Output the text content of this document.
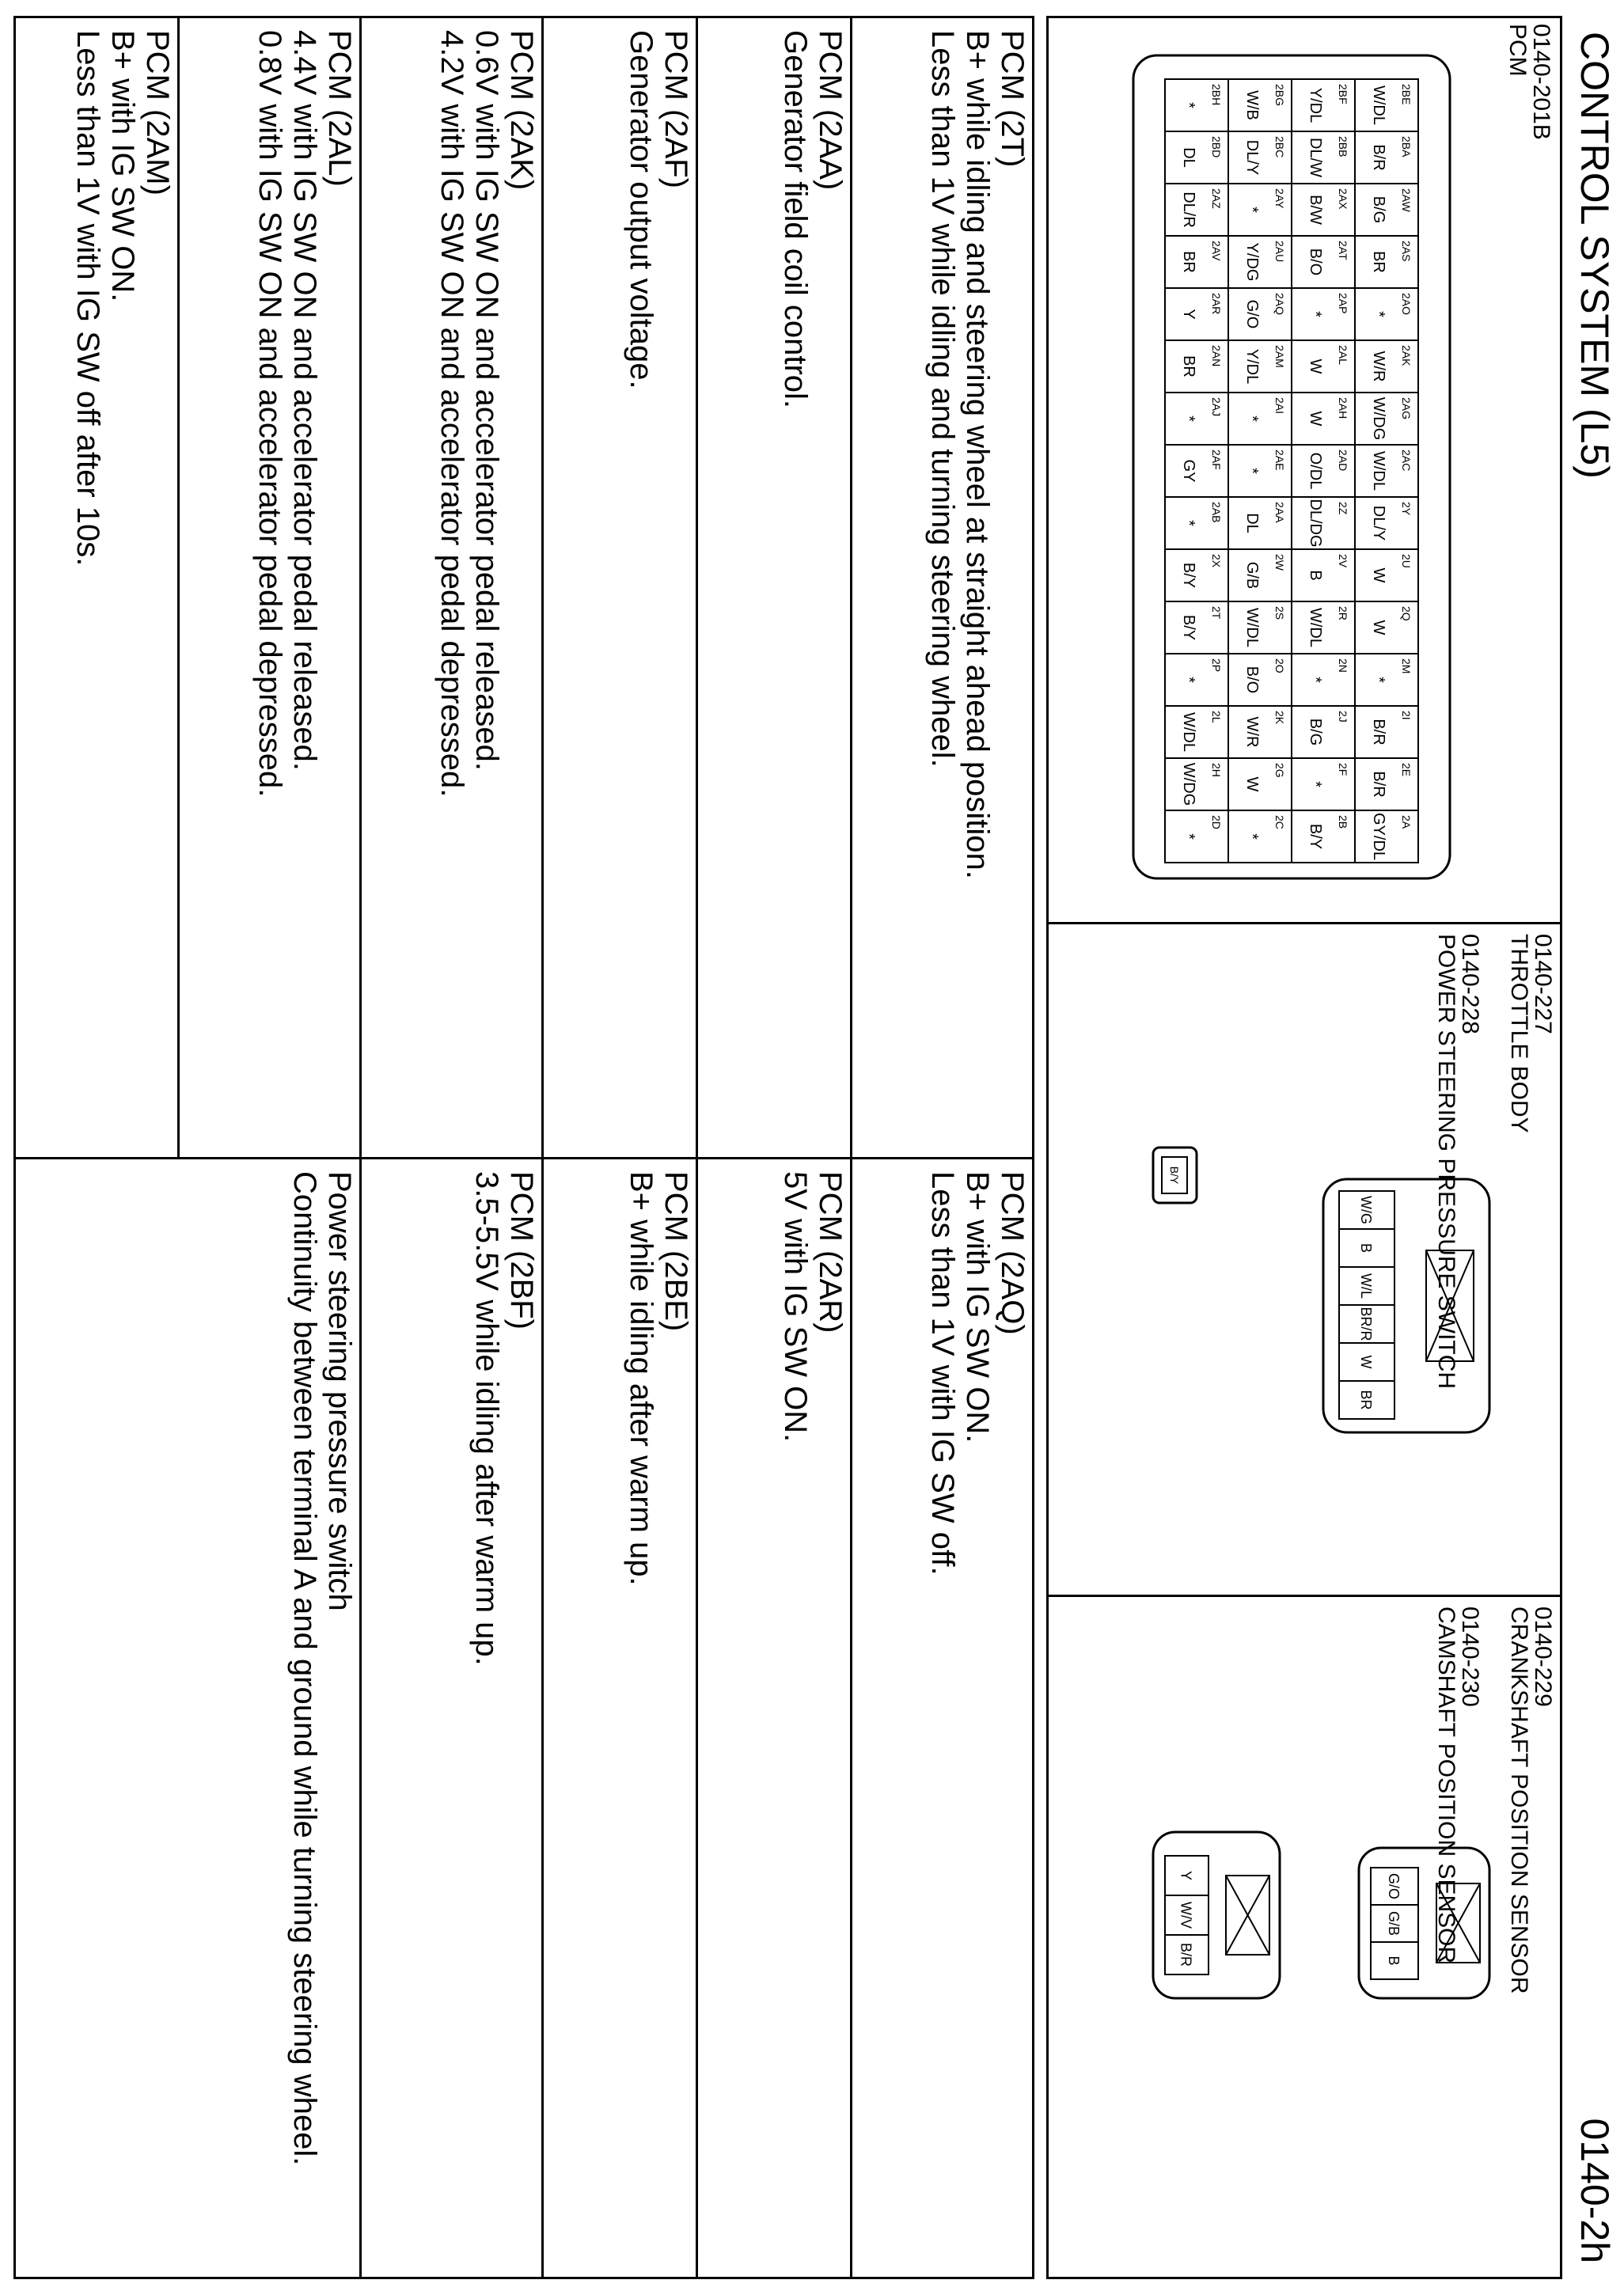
CONTROL SYSTEM (L5)
0140-2h
0140-201B
PCM
2BE
W/DL
2BA
B/R
2AW
B/G
2AS
BR
2AO
*
2AK
W/R
2AG
W/DG
2AC
W/DL
2Y
DL/Y
2U
W
2Q
W
2M
*
2I
B/R
2E
B/R
2A
GY/DL
2BF
Y/DL
2BB
DL/W
2AX
B/W
2AT
B/O
2AP
*
2AL
W
2AH
W
2AD
O/DL
2Z
DL/DG
2V
B
2R
W/DL
2N
*
2J
B/G
2F
*
2B
B/Y
2BG
W/B
2BC
DL/Y
2AY
*
2AU
Y/DG
2AQ
G/O
2AM
Y/DL
2AI
*
2AE
*
2AA
DL
2W
G/B
2S
W/DL
2O
B/O
2K
W/R
2G
W
2C
*
2BH
*
2BD
DL
2AZ
DL/R
2AV
BR
2AR
Y
2AN
BR
2AJ
*
2AF
GY
2AB
*
2X
B/Y
2T
B/Y
2P
*
2L
W/DL
2H
W/DG
2D
*
0140-227
THROTTLE BODY
W/G
B
W/L
BR/R
W
BR
0140-228
POWER STEERING PRESSURE SWITCH
B/Y
0140-229
CRANKSHAFT POSITION SENSOR
G/O
G/B
B
0140-230
CAMSHAFT POSITION SENSOR
Y
W/V
B/R
PCM (2T)
B+ while idling and steering wheel at straight ahead position.
Less than 1V while idling and turning steering wheel.
PCM (2AA)
Generator field coil control.
PCM (2AF)
Generator output voltage.
PCM (2AK)
0.6V with IG SW ON and accelerator pedal released.
4.2V with IG SW ON and accelerator pedal depressed.
PCM (2AL)
4.4V with IG SW ON and accelerator pedal released.
0.8V with IG SW ON and accelerator pedal depressed.
PCM (2AM)
B+ with IG SW ON.
Less than 1V with IG SW off after 10s.
PCM (2AQ)
B+ with IG SW ON.
Less than 1V with IG SW off.
PCM (2AR)
5V with IG SW ON.
PCM (2BE)
B+ while idling after warm up.
PCM (2BF)
3.5-5.5V while idling after warm up.
Power steering pressure switch
Continuity between terminal A and ground while turning steering wheel.
